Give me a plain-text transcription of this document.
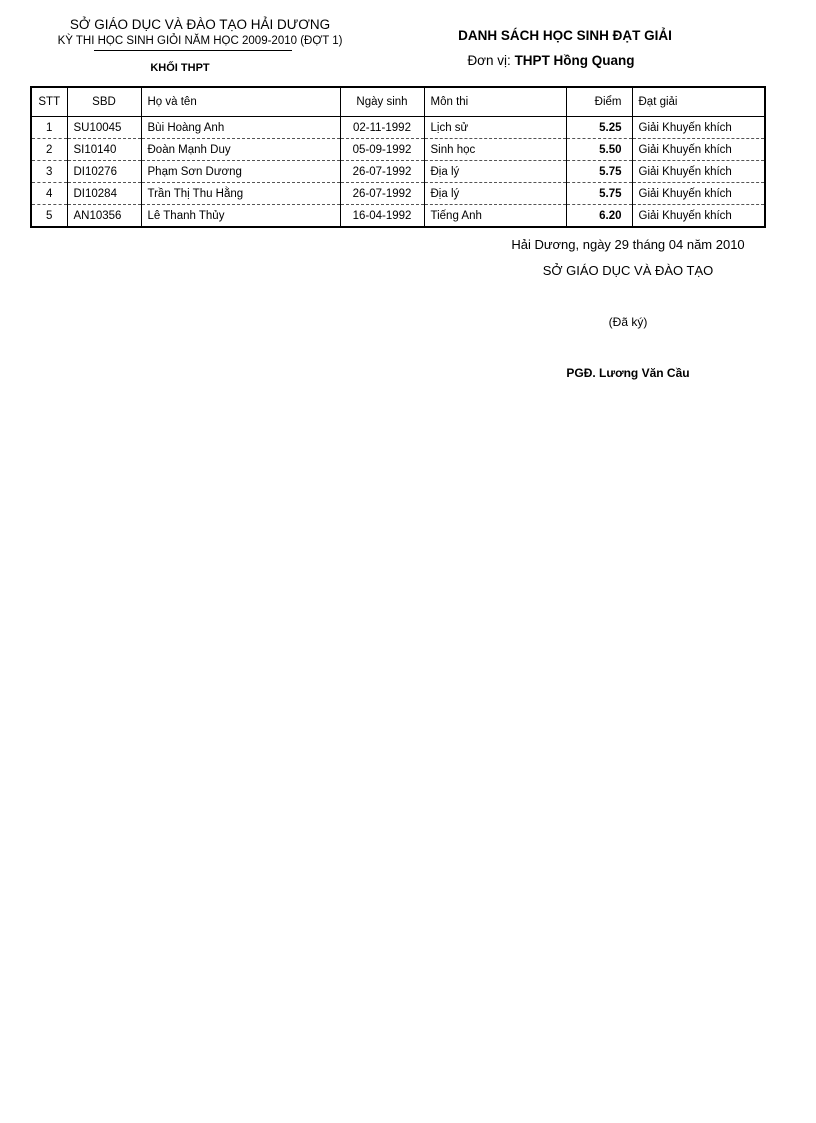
SỞ GIÁO DỤC VÀ ĐÀO TẠO HẢI DƯƠNG
KỲ THI HỌC SINH GIỎI NĂM HỌC 2009-2010 (ĐỢT 1)
KHỐI THPT
DANH SÁCH HỌC SINH ĐẠT GIẢI
Đơn vị: THPT Hồng Quang
STT	SBD	Họ và tên	Ngày sinh	Môn thi	Điểm	Đạt giải
1	SU10045	Bùi Hoàng Anh	02-11-1992	Lịch sử	5.25	Giải Khuyến khích
2	SI10140	Đoàn Mạnh Duy	05-09-1992	Sinh học	5.50	Giải Khuyến khích
3	DI10276	Phạm Sơn Dương	26-07-1992	Địa lý	5.75	Giải Khuyến khích
4	DI10284	Trần Thị Thu Hằng	26-07-1992	Địa lý	5.75	Giải Khuyến khích
5	AN10356	Lê Thanh Thủy	16-04-1992	Tiếng Anh	6.20	Giải Khuyến khích
Hải Dương, ngày 29 tháng 04 năm 2010
SỞ GIÁO DỤC VÀ ĐÀO TẠO
(Đã ký)
PGĐ. Lương Văn Cầu
